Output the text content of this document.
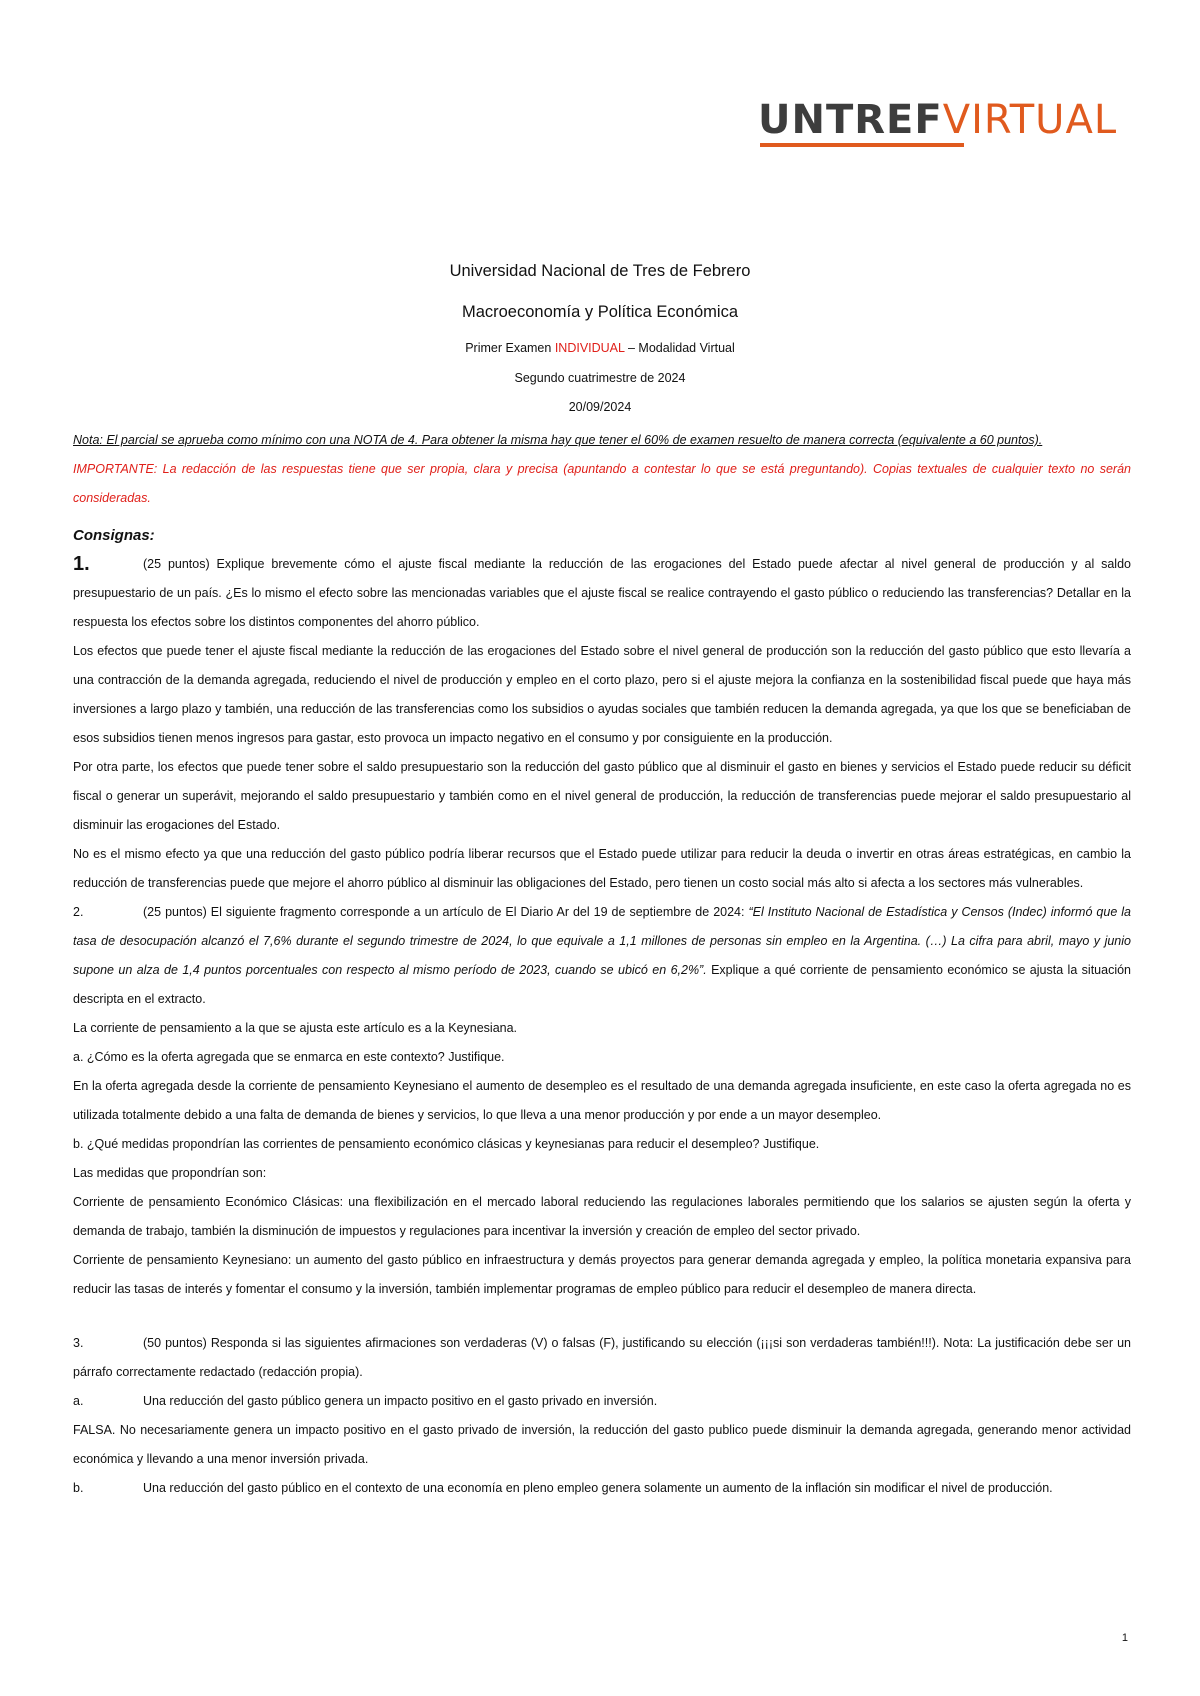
UNTREFVIRTUAL
Universidad Nacional de Tres de Febrero
Macroeconomía y Política Económica
Primer Examen INDIVIDUAL – Modalidad Virtual
Segundo cuatrimestre de 2024
20/09/2024

Nota: El parcial se aprueba como mínimo con una NOTA de 4. Para obtener la misma hay que tener el 60% de examen resuelto de manera correcta (equivalente a 60 puntos).

IMPORTANTE: La redacción de las respuestas tiene que ser propia, clara y precisa (apuntando a contestar lo que se está preguntando). Copias textuales de cualquier texto no serán consideradas.

Consignas:

1.	(25 puntos) Explique brevemente cómo el ajuste fiscal mediante la reducción de las erogaciones del Estado puede afectar al nivel general de producción y al saldo presupuestario de un país. ¿Es lo mismo el efecto sobre las mencionadas variables que el ajuste fiscal se realice contrayendo el gasto público o reduciendo las transferencias? Detallar en la respuesta los efectos sobre los distintos componentes del ahorro público.

Los efectos que puede tener el ajuste fiscal mediante la reducción de las erogaciones del Estado sobre el nivel general de producción son la reducción del gasto público que esto llevaría a una contracción de la demanda agregada, reduciendo el nivel de producción y empleo en el corto plazo, pero si el ajuste mejora la confianza en la sostenibilidad fiscal puede que haya más inversiones a largo plazo y también, una reducción de las transferencias como los subsidios o ayudas sociales que también reducen la demanda agregada, ya que los que se beneficiaban de esos subsidios tienen menos ingresos para gastar, esto provoca un impacto negativo en el consumo y por consiguiente en la producción.

Por otra parte, los efectos que puede tener sobre el saldo presupuestario son la reducción del gasto público que al disminuir el gasto en bienes y servicios el Estado puede reducir su déficit fiscal o generar un superávit, mejorando el saldo presupuestario y también como en el nivel general de producción, la reducción de transferencias puede mejorar el saldo presupuestario al disminuir las erogaciones del Estado.

No es el mismo efecto ya que una reducción del gasto público podría liberar recursos que el Estado puede utilizar para reducir la deuda o invertir en otras áreas estratégicas, en cambio la reducción de transferencias puede que mejore el ahorro público al disminuir las obligaciones del Estado, pero tienen un costo social más alto si afecta a los sectores más vulnerables.

2.	(25 puntos) El siguiente fragmento corresponde a un artículo de El Diario Ar del 19 de septiembre de 2024: “El Instituto Nacional de Estadística y Censos (Indec) informó que la tasa de desocupación alcanzó el 7,6% durante el segundo trimestre de 2024, lo que equivale a 1,1 millones de personas sin empleo en la Argentina. (…) La cifra para abril, mayo y junio supone un alza de 1,4 puntos porcentuales con respecto al mismo período de 2023, cuando se ubicó en 6,2%”. Explique a qué corriente de pensamiento económico se ajusta la situación descripta en el extracto.

La corriente de pensamiento a la que se ajusta este artículo es a la Keynesiana.

a. ¿Cómo es la oferta agregada que se enmarca en este contexto? Justifique.

En la oferta agregada desde la corriente de pensamiento Keynesiano el aumento de desempleo es el resultado de una demanda agregada insuficiente, en este caso la oferta agregada no es utilizada totalmente debido a una falta de demanda de bienes y servicios, lo que lleva a una menor producción y por ende a un mayor desempleo.

b. ¿Qué medidas propondrían las corrientes de pensamiento económico clásicas y keynesianas para reducir el desempleo? Justifique.

Las medidas que propondrían son:

Corriente de pensamiento Económico Clásicas: una flexibilización en el mercado laboral reduciendo las regulaciones laborales permitiendo que los salarios se ajusten según la oferta y demanda de trabajo, también la disminución de impuestos y regulaciones para incentivar la inversión y creación de empleo del sector privado.

Corriente de pensamiento Keynesiano: un aumento del gasto público en infraestructura y demás proyectos para generar demanda agregada y empleo, la política monetaria expansiva para reducir las tasas de interés y fomentar el consumo y la inversión, también implementar programas de empleo público para reducir el desempleo de manera directa.

3.	(50 puntos) Responda si las siguientes afirmaciones son verdaderas (V) o falsas (F), justificando su elección (¡¡¡si son verdaderas también!!!). Nota: La justificación debe ser un párrafo correctamente redactado (redacción propia).

a.	Una reducción del gasto público genera un impacto positivo en el gasto privado en inversión.

FALSA. No necesariamente genera un impacto positivo en el gasto privado de inversión, la reducción del gasto publico puede disminuir la demanda agregada, generando menor actividad económica y llevando a una menor inversión privada.

b.	Una reducción del gasto público en el contexto de una economía en pleno empleo genera solamente un aumento de la inflación sin modificar el nivel de producción.

1
